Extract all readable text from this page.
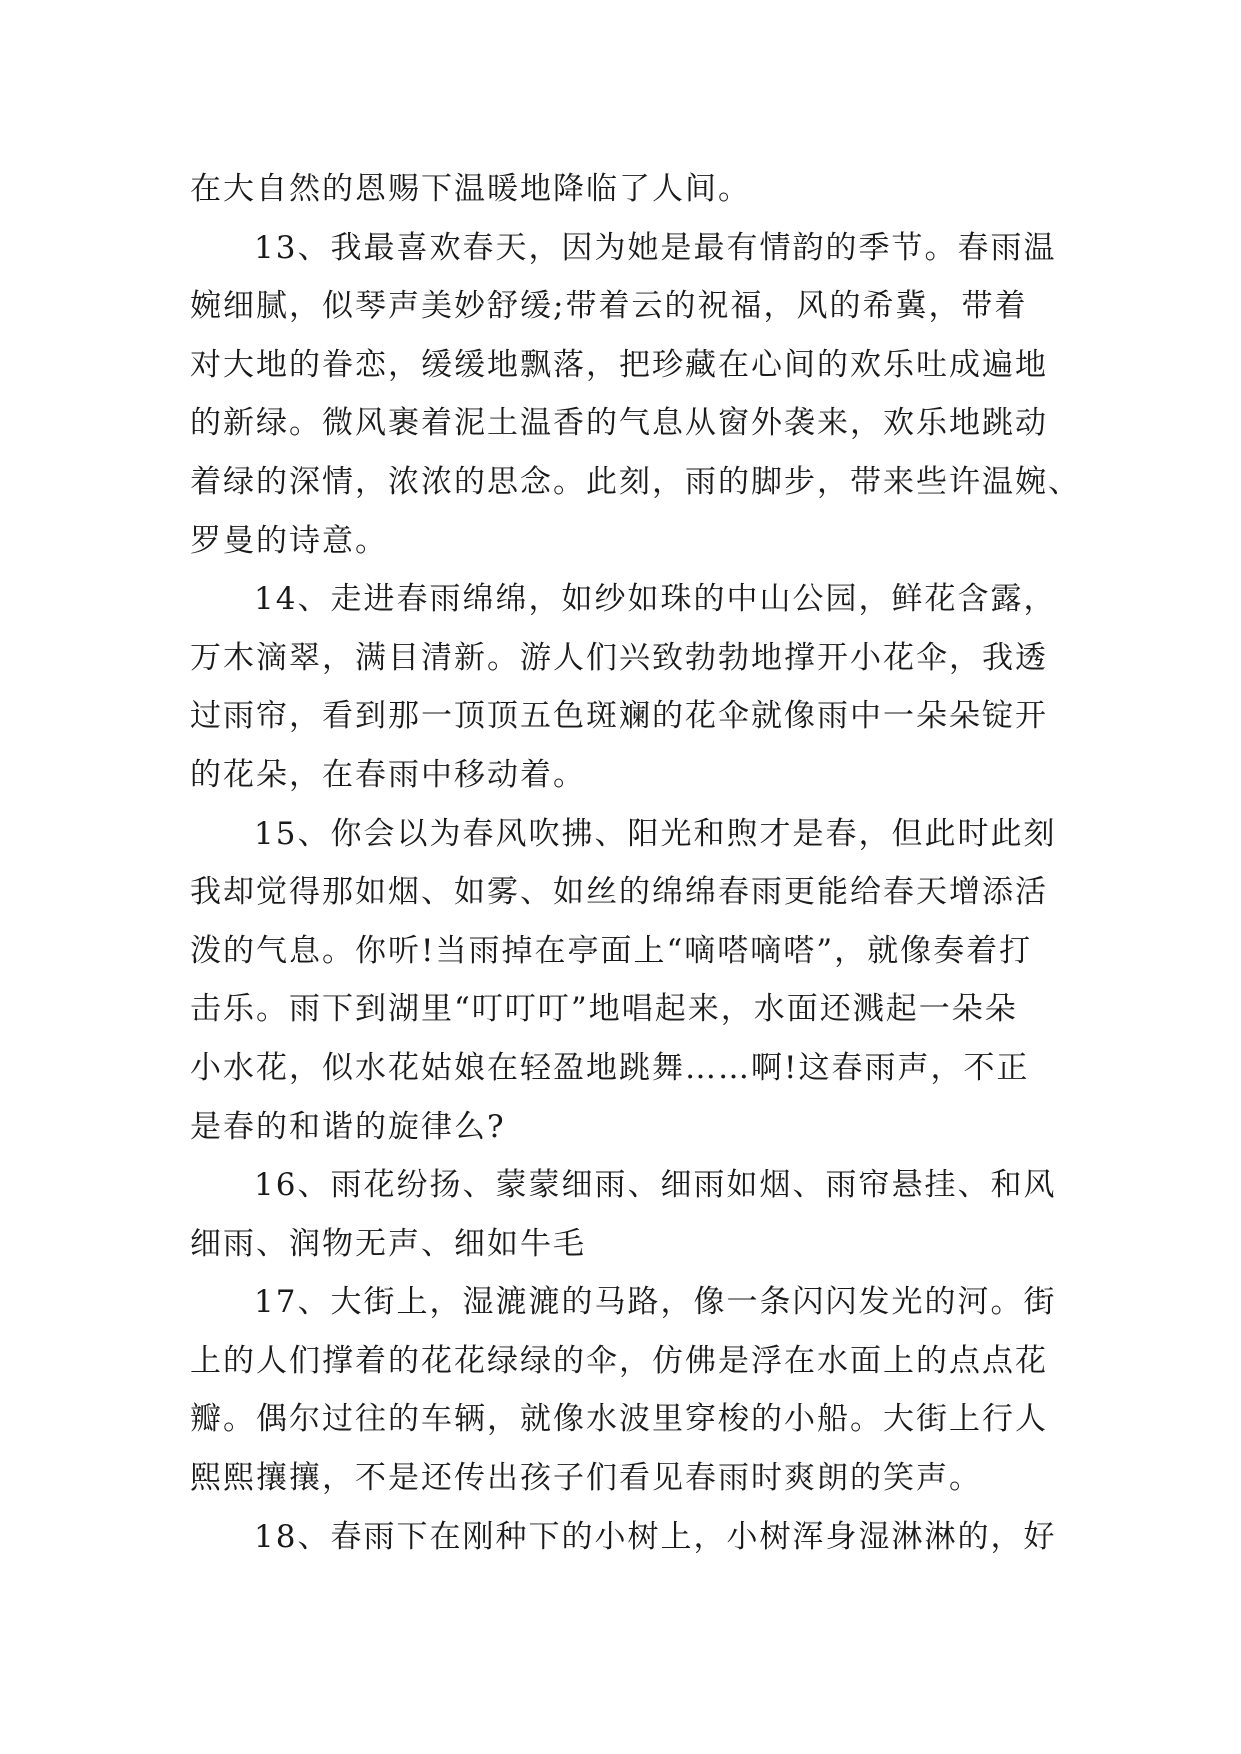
在大自然的恩赐下温暖地降临了人间。
13、我最喜欢春天，因为她是最有情韵的季节。春雨温
婉细腻，似琴声美妙舒缓;带着云的祝福，风的希冀，带着
对大地的眷恋，缓缓地飘落，把珍藏在心间的欢乐吐成遍地
的新绿。微风裹着泥土温香的气息从窗外袭来，欢乐地跳动
着绿的深情，浓浓的思念。此刻，雨的脚步，带来些许温婉、
罗曼的诗意。
14、走进春雨绵绵，如纱如珠的中山公园，鲜花含露，
万木滴翠，满目清新。游人们兴致勃勃地撑开小花伞，我透
过雨帘，看到那一顶顶五色斑斓的花伞就像雨中一朵朵锭开
的花朵，在春雨中移动着。
15、你会以为春风吹拂、阳光和煦才是春，但此时此刻
我却觉得那如烟、如雾、如丝的绵绵春雨更能给春天增添活
泼的气息。你听!当雨掉在亭面上“嘀嗒嘀嗒”，就像奏着打
击乐。雨下到湖里“叮叮叮”地唱起来，水面还溅起一朵朵
小水花，似水花姑娘在轻盈地跳舞……啊!这春雨声，不正
是春的和谐的旋律么?
16、雨花纷扬、蒙蒙细雨、细雨如烟、雨帘悬挂、和风
细雨、润物无声、细如牛毛
17、大街上，湿漉漉的马路，像一条闪闪发光的河。街
上的人们撑着的花花绿绿的伞，仿佛是浮在水面上的点点花
瓣。偶尔过往的车辆，就像水波里穿梭的小船。大街上行人
熙熙攘攘，不是还传出孩子们看见春雨时爽朗的笑声。
18、春雨下在刚种下的小树上，小树浑身湿淋淋的，好
